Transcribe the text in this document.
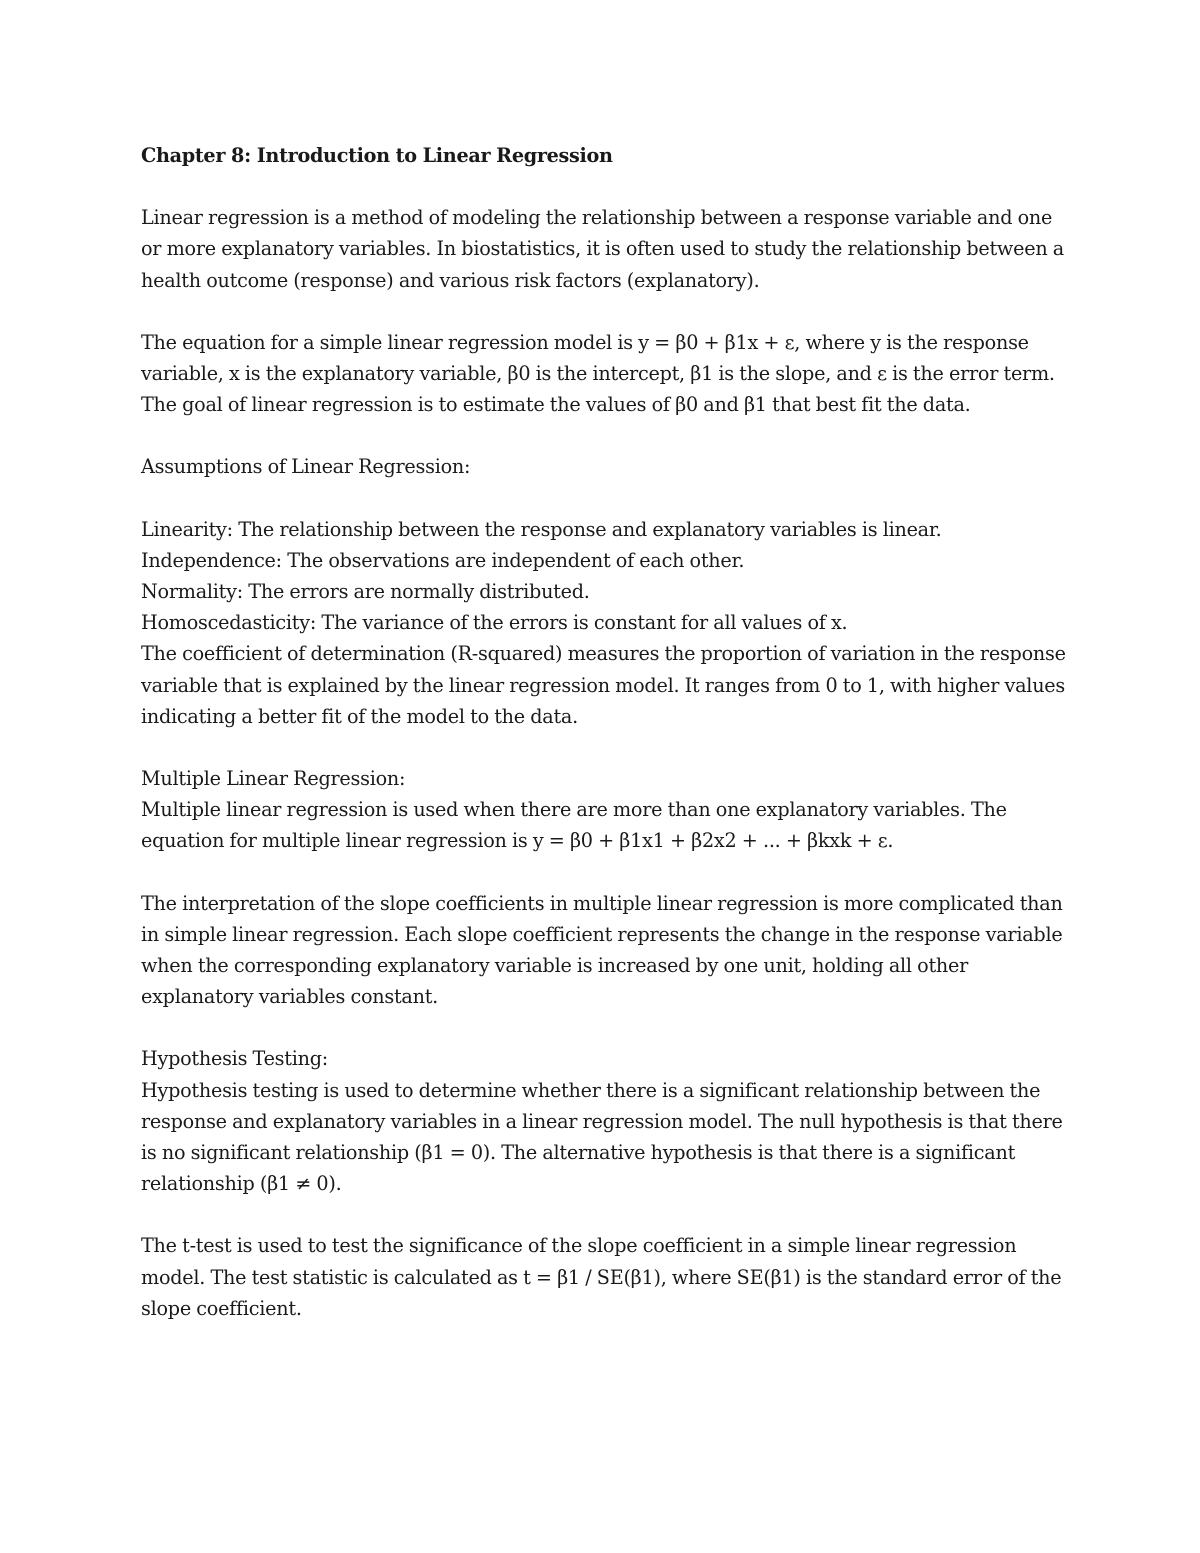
Chapter 8: Introduction to Linear Regression

Linear regression is a method of modeling the relationship between a response variable and one or more explanatory variables. In biostatistics, it is often used to study the relationship between a health outcome (response) and various risk factors (explanatory).

The equation for a simple linear regression model is y = β0 + β1x + ε, where y is the response variable, x is the explanatory variable, β0 is the intercept, β1 is the slope, and ε is the error term. The goal of linear regression is to estimate the values of β0 and β1 that best fit the data.

Assumptions of Linear Regression:

Linearity: The relationship between the response and explanatory variables is linear.

Independence: The observations are independent of each other.

Normality: The errors are normally distributed.

Homoscedasticity: The variance of the errors is constant for all values of x.

The coefficient of determination (R-squared) measures the proportion of variation in the response variable that is explained by the linear regression model. It ranges from 0 to 1, with higher values indicating a better fit of the model to the data.

Multiple Linear Regression:

Multiple linear regression is used when there are more than one explanatory variables. The equation for multiple linear regression is y = β0 + β1x1 + β2x2 + ... + βkxk + ε.

The interpretation of the slope coefficients in multiple linear regression is more complicated than in simple linear regression. Each slope coefficient represents the change in the response variable when the corresponding explanatory variable is increased by one unit, holding all other explanatory variables constant.

Hypothesis Testing:

Hypothesis testing is used to determine whether there is a significant relationship between the response and explanatory variables in a linear regression model. The null hypothesis is that there is no significant relationship (β1 = 0). The alternative hypothesis is that there is a significant relationship (β1 ≠ 0).

The t-test is used to test the significance of the slope coefficient in a simple linear regression model. The test statistic is calculated as t = β1 / SE(β1), where SE(β1) is the standard error of the slope coefficient.
